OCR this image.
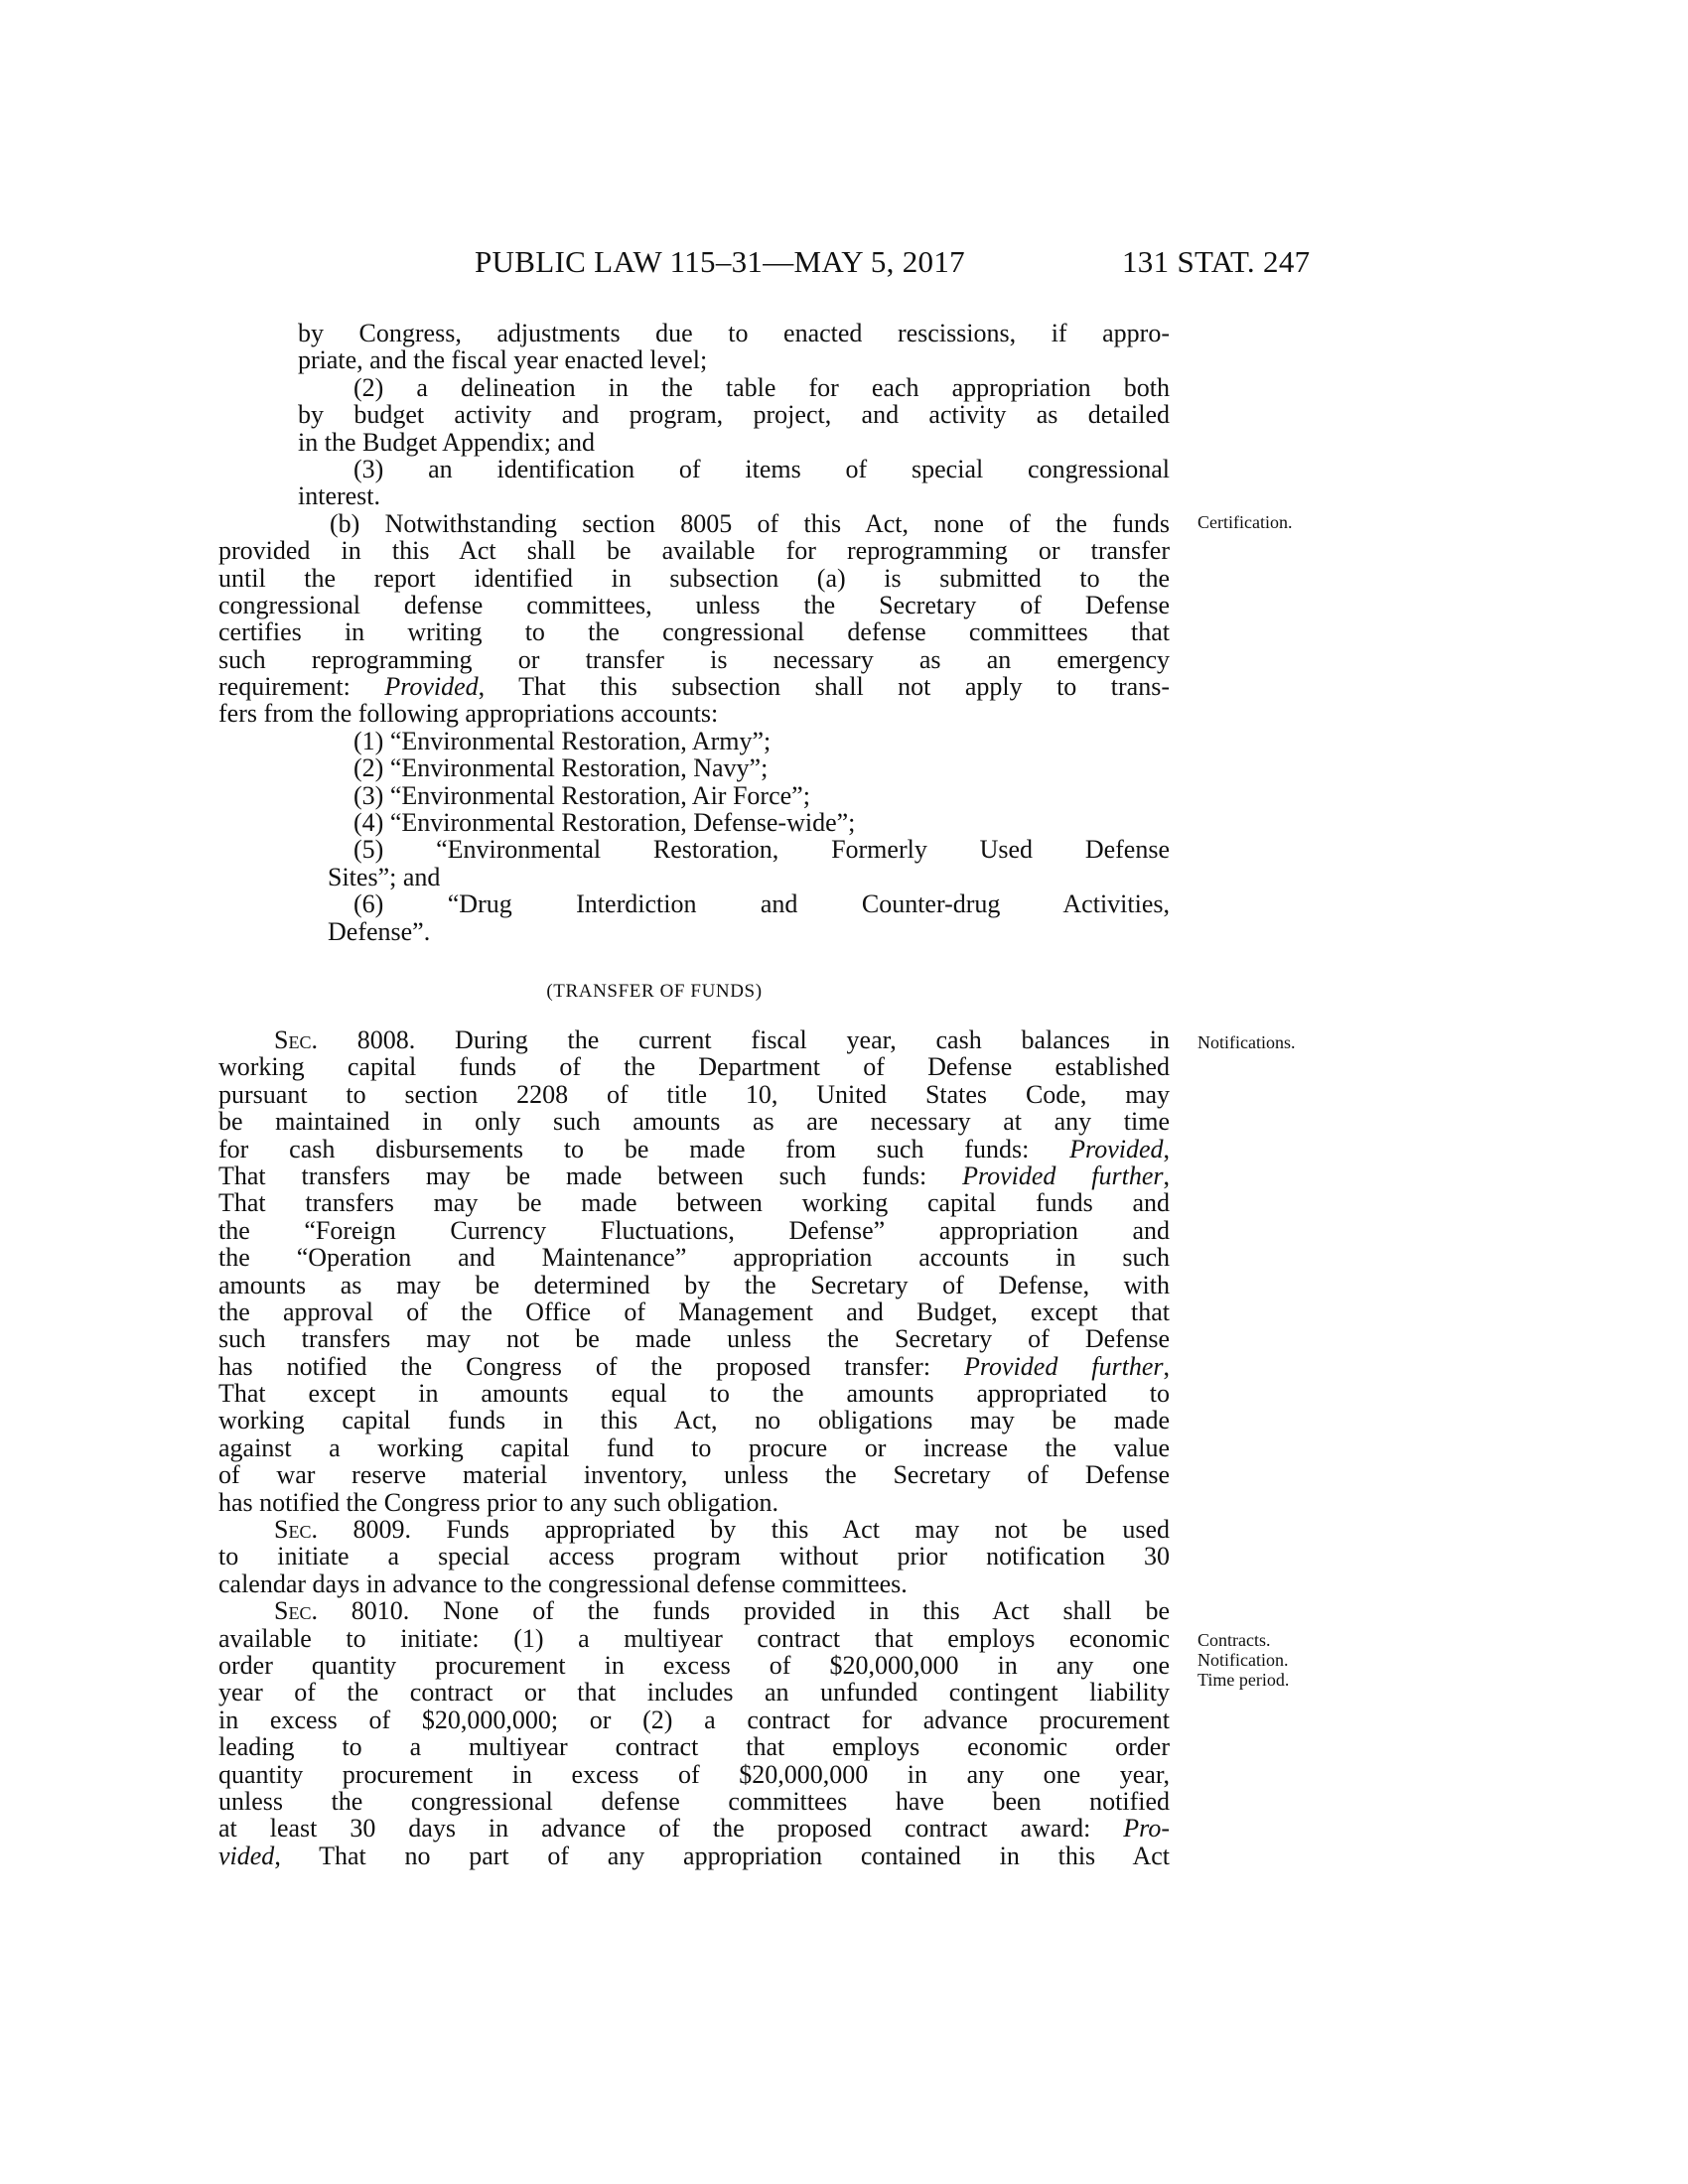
PUBLIC LAW 115–31—MAY 5, 2017	131 STAT. 247
by Congress, adjustments due to enacted rescissions, if appro-
priate, and the fiscal year enacted level;
(2) a delineation in the table for each appropriation both
by budget activity and program, project, and activity as detailed
in the Budget Appendix; and
(3) an identification of items of special congressional
interest.
(b) Notwithstanding section 8005 of this Act, none of the funds
provided in this Act shall be available for reprogramming or transfer
until the report identified in subsection (a) is submitted to the
congressional defense committees, unless the Secretary of Defense
certifies in writing to the congressional defense committees that
such reprogramming or transfer is necessary as an emergency
requirement: Provided, That this subsection shall not apply to trans-
fers from the following appropriations accounts:
(1) “Environmental Restoration, Army”;
(2) “Environmental Restoration, Navy”;
(3) “Environmental Restoration, Air Force”;
(4) “Environmental Restoration, Defense-wide”;
(5) “Environmental Restoration, Formerly Used Defense
Sites”; and
(6) “Drug Interdiction and Counter-drug Activities,
Defense”.
(TRANSFER OF FUNDS)
Sec. 8008. During the current fiscal year, cash balances in
working capital funds of the Department of Defense established
pursuant to section 2208 of title 10, United States Code, may
be maintained in only such amounts as are necessary at any time
for cash disbursements to be made from such funds: Provided,
That transfers may be made between such funds: Provided further,
That transfers may be made between working capital funds and
the “Foreign Currency Fluctuations, Defense” appropriation and
the “Operation and Maintenance” appropriation accounts in such
amounts as may be determined by the Secretary of Defense, with
the approval of the Office of Management and Budget, except that
such transfers may not be made unless the Secretary of Defense
has notified the Congress of the proposed transfer: Provided further,
That except in amounts equal to the amounts appropriated to
working capital funds in this Act, no obligations may be made
against a working capital fund to procure or increase the value
of war reserve material inventory, unless the Secretary of Defense
has notified the Congress prior to any such obligation.
Sec. 8009. Funds appropriated by this Act may not be used
to initiate a special access program without prior notification 30
calendar days in advance to the congressional defense committees.
Sec. 8010. None of the funds provided in this Act shall be
available to initiate: (1) a multiyear contract that employs economic
order quantity procurement in excess of $20,000,000 in any one
year of the contract or that includes an unfunded contingent liability
in excess of $20,000,000; or (2) a contract for advance procurement
leading to a multiyear contract that employs economic order
quantity procurement in excess of $20,000,000 in any one year,
unless the congressional defense committees have been notified
at least 30 days in advance of the proposed contract award: Pro-
vided, That no part of any appropriation contained in this Act
Certification.
Notifications.
Contracts.
Notification.
Time period.
